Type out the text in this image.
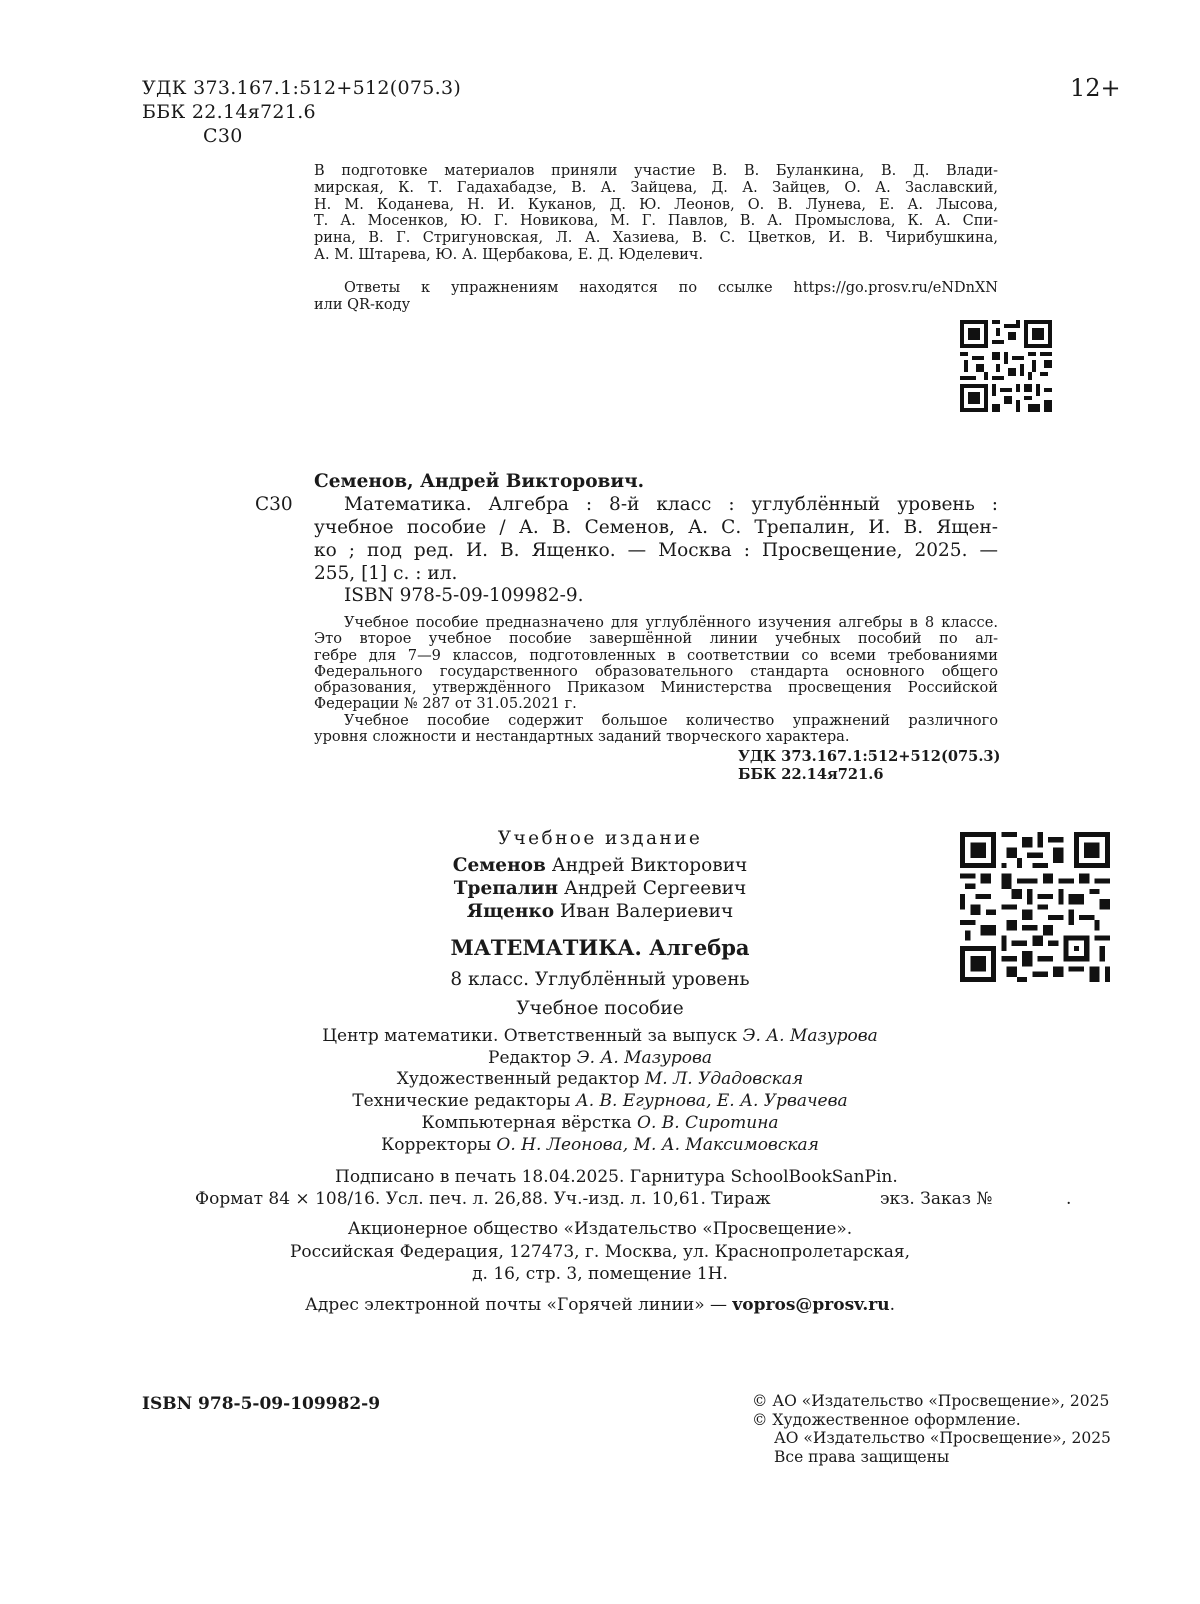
УДК 373.167.1:512+512(075.3)
ББК 22.14я721.6
С30
12+
В подготовке материалов приняли участие В. В. Буланкина, В. Д. Влади-
мирская, К. Т. Гадахабадзе, В. А. Зайцева, Д. А. Зайцев, О. А. Заславский,
Н. М. Коданева, Н. И. Куканов, Д. Ю. Леонов, О. В. Лунева, Е. А. Лысова,
Т. А. Мосенков, Ю. Г. Новикова, М. Г. Павлов, В. А. Промыслова, К. А. Спи-
рина, В. Г. Стригуновская, Л. А. Хазиева, В. С. Цветков, И. В. Чирибушкина,
А. М. Штарева, Ю. А. Щербакова, Е. Д. Юделевич.
Ответы к упражнениям находятся по ссылке https://go.prosv.ru/eNDnXN
или QR-коду
Семенов, Андрей Викторович.
С30	Математика. Алгебра : 8-й класс : углублённый уровень :
учебное пособие / А. В. Семенов, А. С. Трепалин, И. В. Ящен-
ко ; под ред. И. В. Ященко. — Москва : Просвещение, 2025. —
255, [1] с. : ил.
ISBN 978-5-09-109982-9.
Учебное пособие предназначено для углублённого изучения алгебры в 8 классе.
Это второе учебное пособие завершённой линии учебных пособий по ал-
гебре для 7—9 классов, подготовленных в соответствии со всеми требованиями
Федерального государственного образовательного стандарта основного общего
образования, утверждённого Приказом Министерства просвещения Российской
Федерации № 287 от 31.05.2021 г.
Учебное пособие содержит большое количество упражнений различного
уровня сложности и нестандартных заданий творческого характера.
УДК 373.167.1:512+512(075.3)
ББК 22.14я721.6
Учебное издание
Семенов Андрей Викторович
Трепалин Андрей Сергеевич
Ященко Иван Валериевич
МАТЕМАТИКА. Алгебра
8 класс. Углублённый уровень
Учебное пособие
Центр математики. Ответственный за выпуск Э. А. Мазурова
Редактор Э. А. Мазурова
Художественный редактор М. Л. Удадовская
Технические редакторы А. В. Егурнова, Е. А. Урвачева
Компьютерная вёрстка О. В. Сиротина
Корректоры О. Н. Леонова, М. А. Максимовская
Подписано в печать 18.04.2025. Гарнитура SchoolBookSanPin.
Формат 84 × 108/16. Усл. печ. л. 26,88. Уч.-изд. л. 10,61. Тираж	экз. Заказ №	.
Акционерное общество «Издательство «Просвещение».
Российская Федерация, 127473, г. Москва, ул. Краснопролетарская,
д. 16, стр. 3, помещение 1Н.
Адрес электронной почты «Горячей линии» — vopros@prosv.ru.
ISBN 978-5-09-109982-9	© АО «Издательство «Просвещение», 2025
© Художественное оформление.
АО «Издательство «Просвещение», 2025
Все права защищены
